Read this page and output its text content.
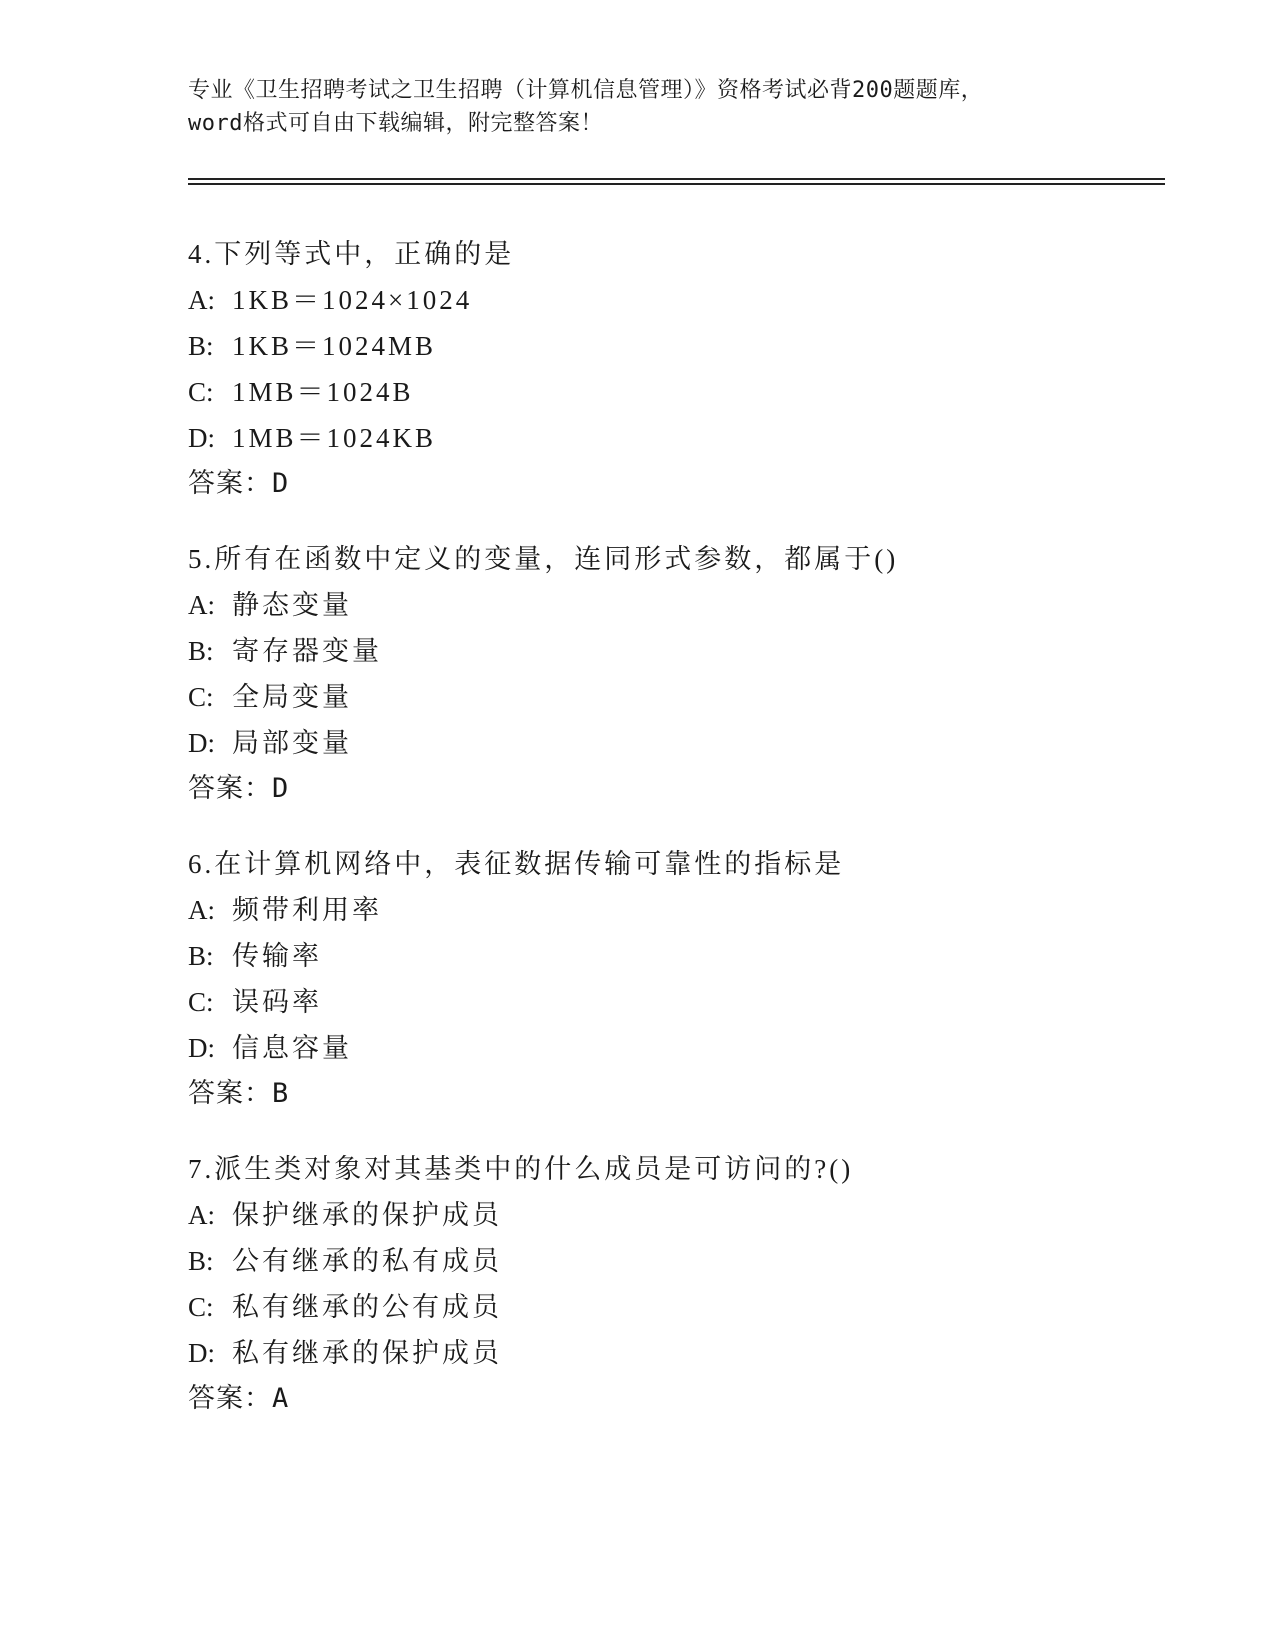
专业《卫生招聘考试之卫生招聘（计算机信息管理）》资格考试必背200题题库，
word格式可自由下载编辑，附完整答案！
4.下列等式中，正确的是
A: 1KB＝1024×1024
B: 1KB＝1024MB
C: 1MB＝1024B
D: 1MB＝1024KB
答案：D
5.所有在函数中定义的变量，连同形式参数，都属于()
A: 静态变量
B: 寄存器变量
C: 全局变量
D: 局部变量
答案：D
6.在计算机网络中，表征数据传输可靠性的指标是
A: 频带利用率
B: 传输率
C: 误码率
D: 信息容量
答案：B
7.派生类对象对其基类中的什么成员是可访问的?()
A: 保护继承的保护成员
B: 公有继承的私有成员
C: 私有继承的公有成员
D: 私有继承的保护成员
答案：A
